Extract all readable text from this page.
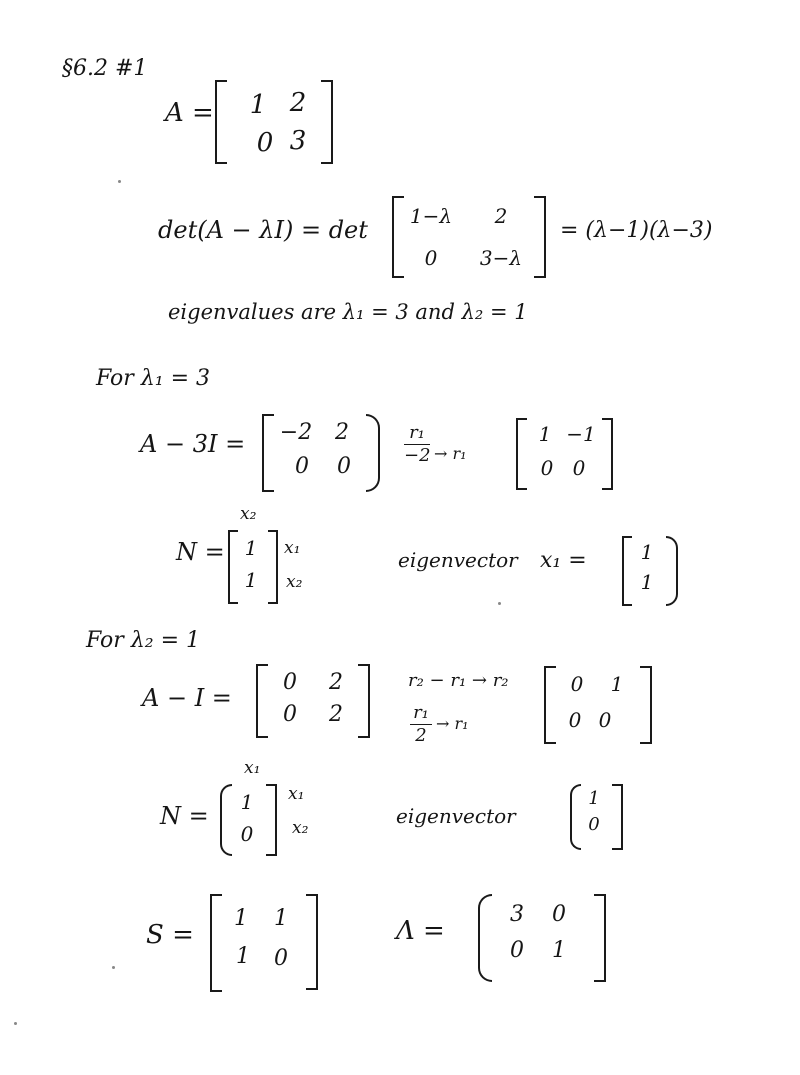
§6.2 #1
A = 1 2
0 3
det(A − λI) = det 1−λ	2
0	3−λ
= (λ−1)(λ−3)
eigenvalues are λ₁ = 3 and λ₂ = 1
For λ₁ = 3
A − 3I = −2	2
0	0
r₁
−2 → r₁
1 −1
0 0
x₂
N = 1
1
x₁
x₂
eigenvector x₁ =	1
1
For λ₂ = 1
A − I =
0	2
0	2
r₂ − r₁ → r₂
r₁
2
→ r₁
0	1
0 0
x₁
N =	1
0
x₁
x₂	eigenvector
1
0
S =
1	1
1	0
Λ =
3	0
0	1
